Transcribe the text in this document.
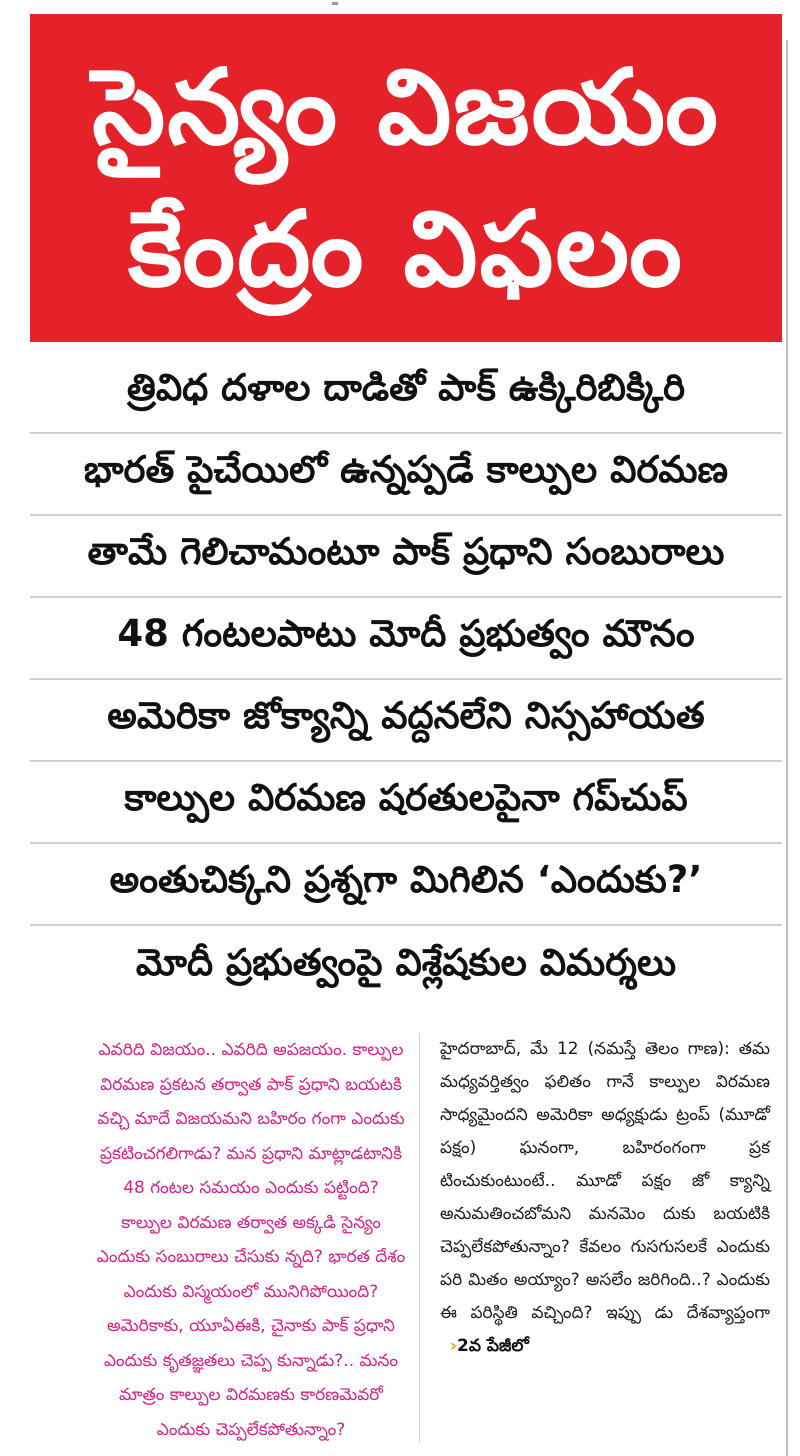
సైన్యం విజయం
కేంద్రం విఫలం
త్రివిధ దళాల దాడితో పాక్ ఉక్కిరిబిక్కిరి
భారత్ పైచేయిలో ఉన్నప్పడే కాల్పుల విరమణ
తామే గెలిచామంటూ పాక్ ప్రధాని సంబురాలు
48 గంటలపాటు మోదీ ప్రభుత్వం మౌనం
అమెరికా జోక్యాన్ని వద్దనలేని నిస్సహాయత
కాల్పుల విరమణ షరతులపైనా గప్‌చుప్
అంతుచిక్కని ప్రశ్నగా మిగిలిన ‘ఎందుకు?’
మోదీ ప్రభుత్వంపై విశ్లేషకుల విమర్శలు

ఎవరిది విజయం.. ఎవరిది అపజయం. కాల్పుల విరమణ ప్రకటన తర్వాత పాక్ ప్రధాని బయటకి వచ్చి మాదే విజయమని బహిరం గంగా ఎందుకు ప్రకటించగలిగాడు? మన ప్రధాని మాట్లాడటానికి 48 గంటల సమయం ఎందుకు పట్టింది? కాల్పుల విరమణ తర్వాత అక్కడి సైన్యం ఎందుకు సంబురాలు చేసుకు న్నది? భారత దేశం ఎందుకు విస్మయంలో మునిగిపోయింది? అమెరికాకు, యూఏఈకి, చైనాకు పాక్ ప్రధాని ఎందుకు కృతజ్ఞతలు చెప్ప కున్నాడు?.. మనం మాత్రం కాల్పుల విరమణకు కారణమెవరో ఎందుకు చెప్పలేకపోతున్నాం?

హైదరాబాద్, మే 12 (నమస్తే తెలం గాణ): తమ మధ్యవర్తిత్వం ఫలితం గానే కాల్పుల విరమణ సాధ్యమైందని అమెరికా అధ్యక్షుడు ట్రంప్ (మూడో పక్షం) ఘనంగా, బహిరంగంగా ప్రక టించుకుంటుంటే.. మూడో పక్షం జో క్యాన్ని అనుమతించబోమని మనమెం దుకు బయటికి చెప్పలేకపోతున్నాం? కేవలం గుసగుసలకే ఎందుకు పరి మితం అయ్యాం? అసలేం జరిగింది..? ఎందుకు ఈ పరిస్థితి వచ్చింది? ఇప్పు డు దేశవ్యాప్తంగా ›2వ పేజీలో
